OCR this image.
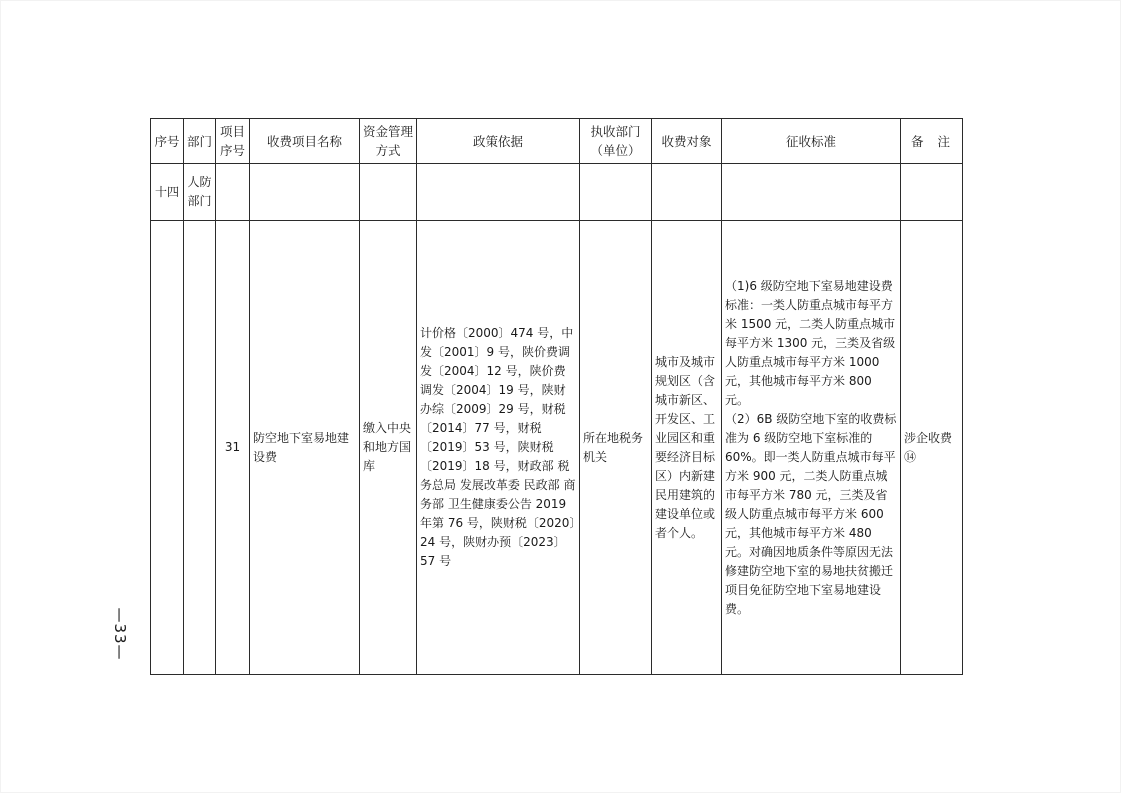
序号	部门	项目序号	收费项目名称	资金管理方式	政策依据	执收部门（单位）	收费对象	征收标准	备  注
十四	人防部门								
		31	防空地下室易地建设费	缴入中央和地方国库	计价格〔2000〕474 号，中发〔2001〕9 号，陕价费调发〔2004〕12 号，陕价费调发〔2004〕19 号，陕财办综〔2009〕29 号，财税〔2014〕77 号，财税〔2019〕53 号，陕财税〔2019〕18 号，财政部 税务总局 发展改革委 民政部 商务部 卫生健康委公告 2019 年第 76 号，陕财税〔2020〕24 号，陕财办预〔2023〕57 号	所在地税务机关	城市及城市规划区（含城市新区、开发区、工业园区和重要经济目标区）内新建民用建筑的建设单位或者个人。	（1)6 级防空地下室易地建设费标准：一类人防重点城市每平方米 1500 元，二类人防重点城市每平方米 1300 元，三类及省级人防重点城市每平方米 1000 元，其他城市每平方米 800 元。
（2）6B 级防空地下室的收费标准为 6 级防空地下室标准的 60%。即一类人防重点城市每平方米 900 元，二类人防重点城市每平方米 780 元，三类及省级人防重点城市每平方米 600 元，其他城市每平方米 480 元。对确因地质条件等原因无法修建防空地下室的易地扶贫搬迁项目免征防空地下室易地建设费。	涉企收费⑭
—33—
